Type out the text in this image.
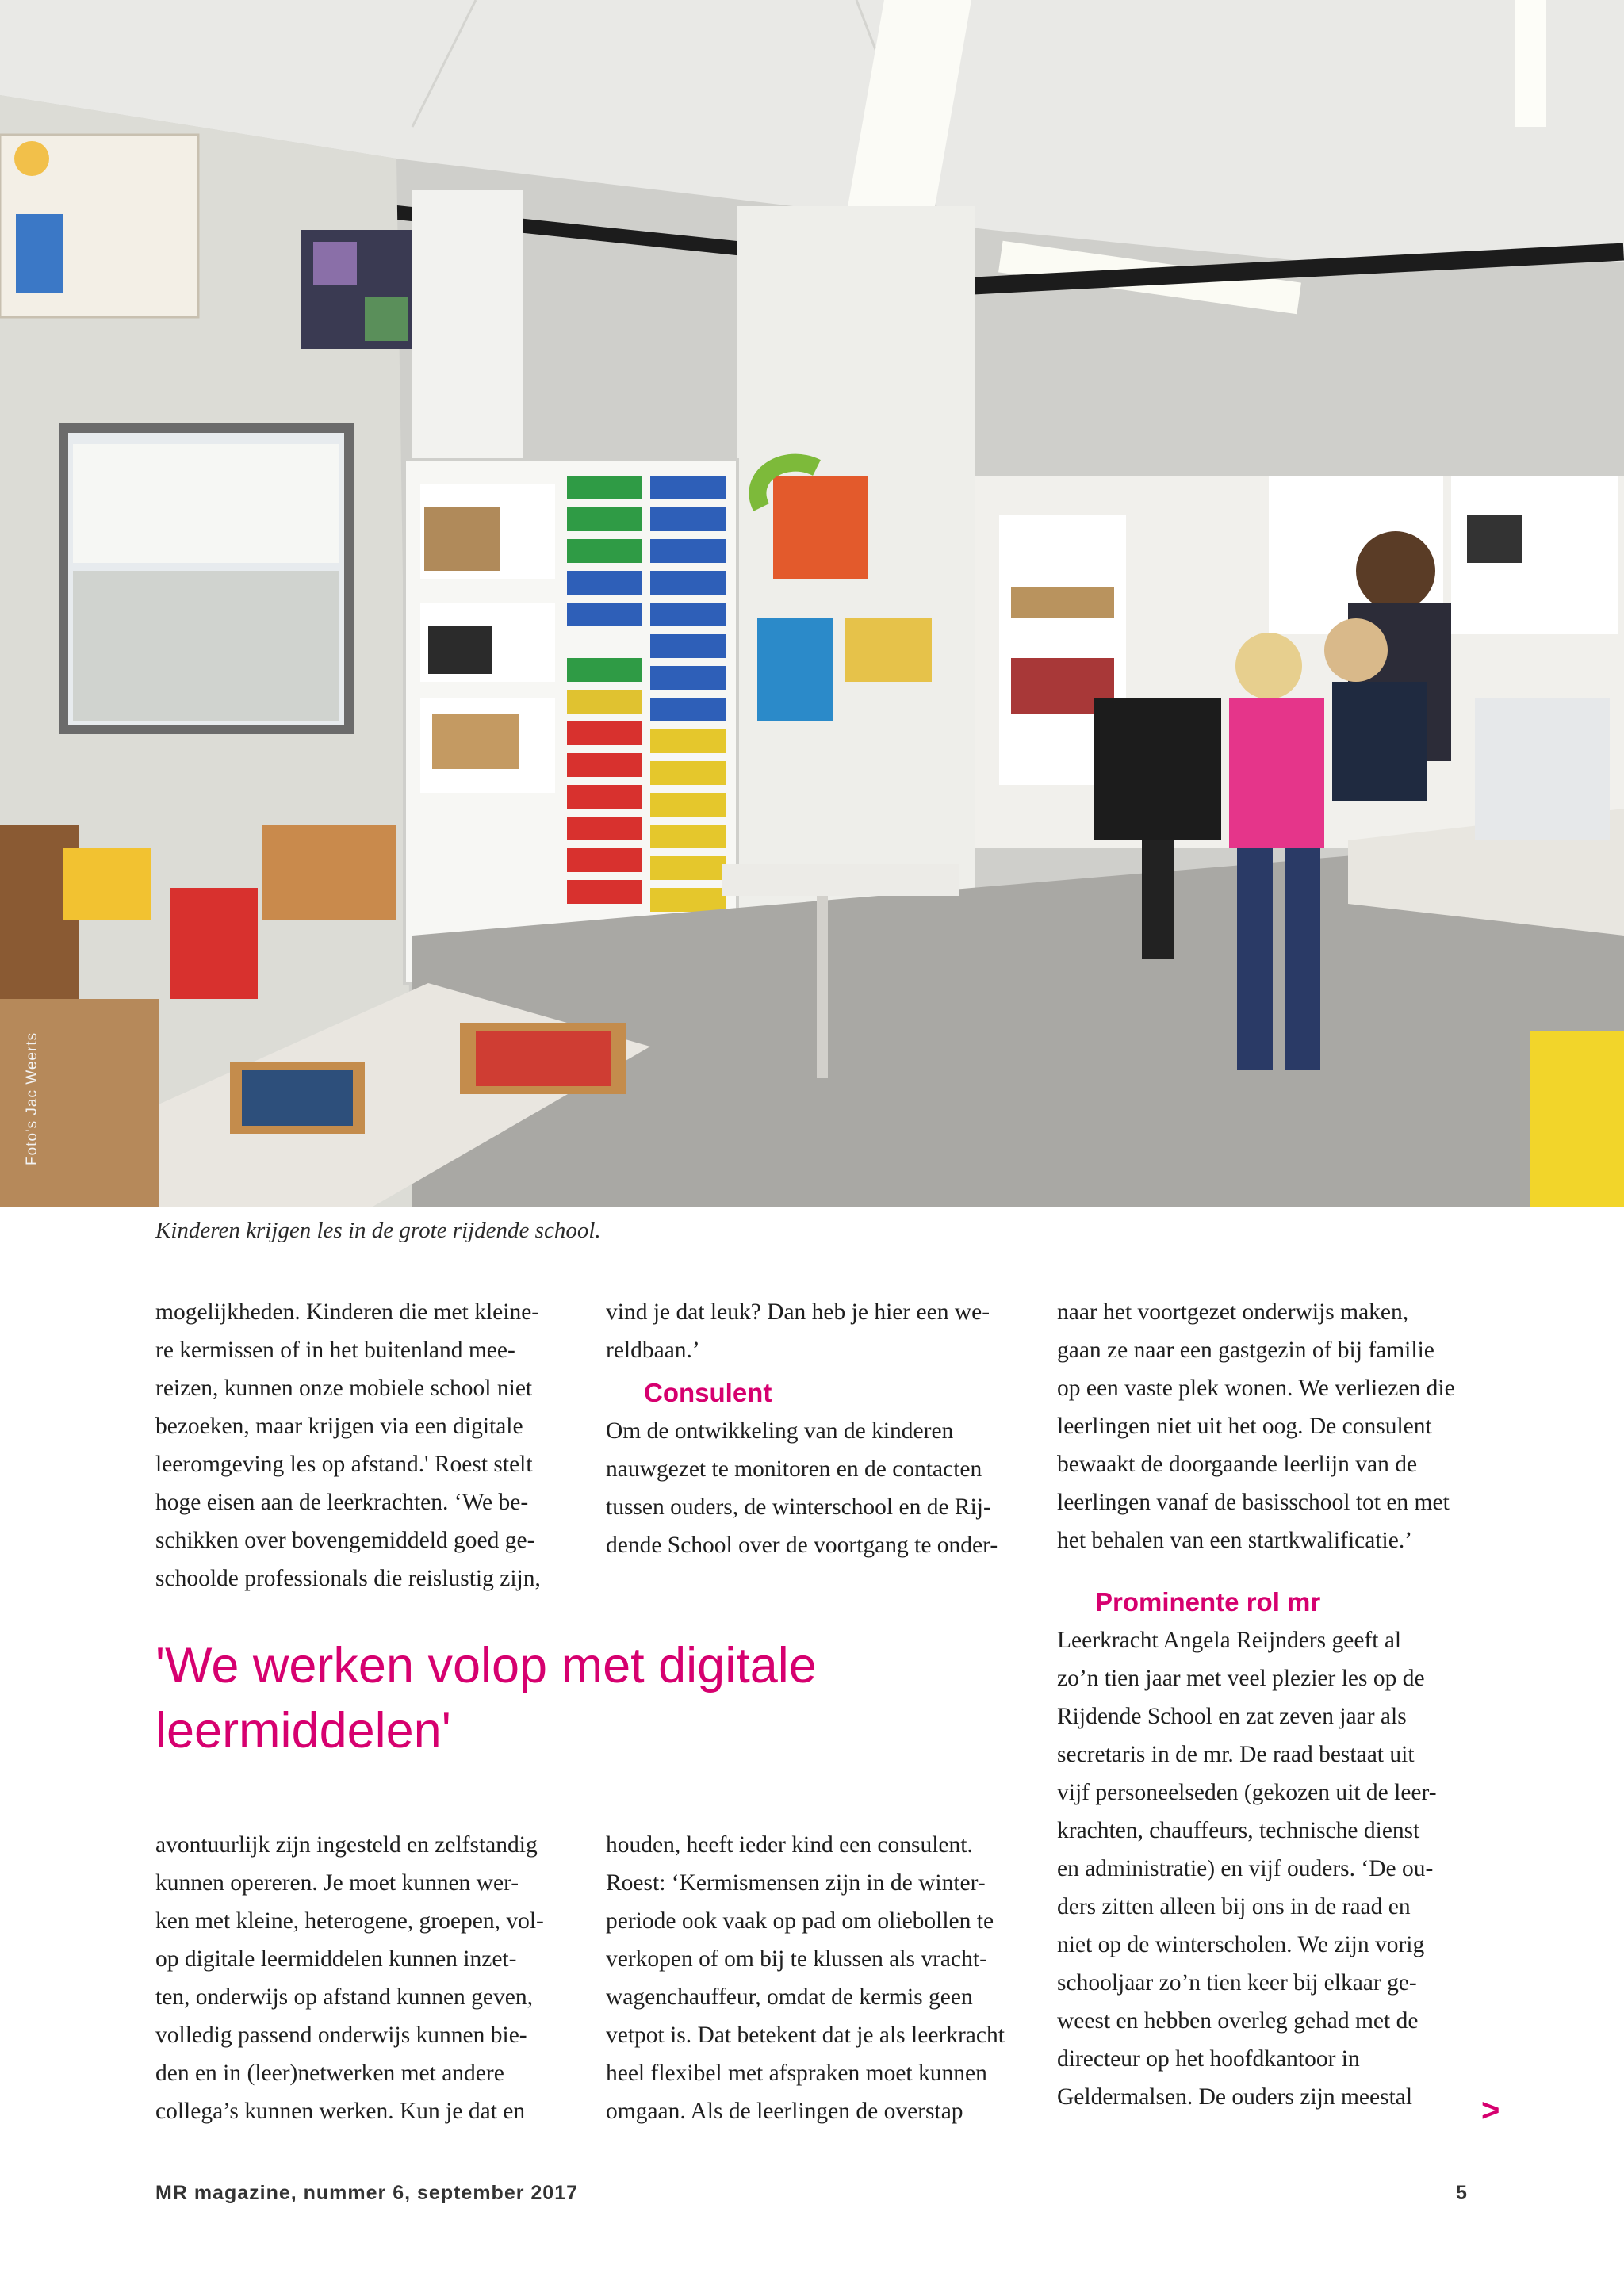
Foto's Jac Weerts
Kinderen krijgen les in de grote rijdende school.
mogelijkheden. Kinderen die met kleine-
re kermissen of in het buitenland mee-
reizen, kunnen onze mobiele school niet
bezoeken, maar krijgen via een digitale
leeromgeving les op afstand.' Roest stelt
hoge eisen aan de leerkrachten. ‘We be-
schikken over bovengemiddeld goed ge-
schoolde professionals die reislustig zijn,
vind je dat leuk? Dan heb je hier een we-
reldbaan.’
Consulent
Om de ontwikkeling van de kinderen
nauwgezet te monitoren en de contacten
tussen ouders, de winterschool en de Rij-
dende School over de voortgang te onder-
naar het voortgezet onderwijs maken,
gaan ze naar een gastgezin of bij familie
op een vaste plek wonen. We verliezen die
leerlingen niet uit het oog. De consulent
bewaakt de doorgaande leerlijn van de
leerlingen vanaf de basisschool tot en met
het behalen van een startkwalificatie.’
Prominente rol mr
Leerkracht Angela Reijnders geeft al
zo’n tien jaar met veel plezier les op de
Rijdende School en zat zeven jaar als
secretaris in de mr. De raad bestaat uit
vijf personeelseden (gekozen uit de leer-
krachten, chauffeurs, technische dienst
en administratie) en vijf ouders. ‘De ou-
ders zitten alleen bij ons in de raad en
niet op de winterscholen. We zijn vorig
schooljaar zo’n tien keer bij elkaar ge-
weest en hebben overleg gehad met de
directeur op het hoofdkantoor in
Geldermalsen. De ouders zijn meestal
'We werken volop met digitale
leermiddelen'
avontuurlijk zijn ingesteld en zelfstandig
kunnen opereren. Je moet kunnen wer-
ken met kleine, heterogene, groepen, vol-
op digitale leermiddelen kunnen inzet-
ten, onderwijs op afstand kunnen geven,
volledig passend onderwijs kunnen bie-
den en in (leer)netwerken met andere
collega’s kunnen werken. Kun je dat en
houden, heeft ieder kind een consulent.
Roest: ‘Kermismensen zijn in de winter-
periode ook vaak op pad om oliebollen te
verkopen of om bij te klussen als vracht-
wagenchauffeur, omdat de kermis geen
vetpot is. Dat betekent dat je als leerkracht
heel flexibel met afspraken moet kunnen
omgaan. Als de leerlingen de overstap	>
MR magazine, nummer 6, september 2017	5
